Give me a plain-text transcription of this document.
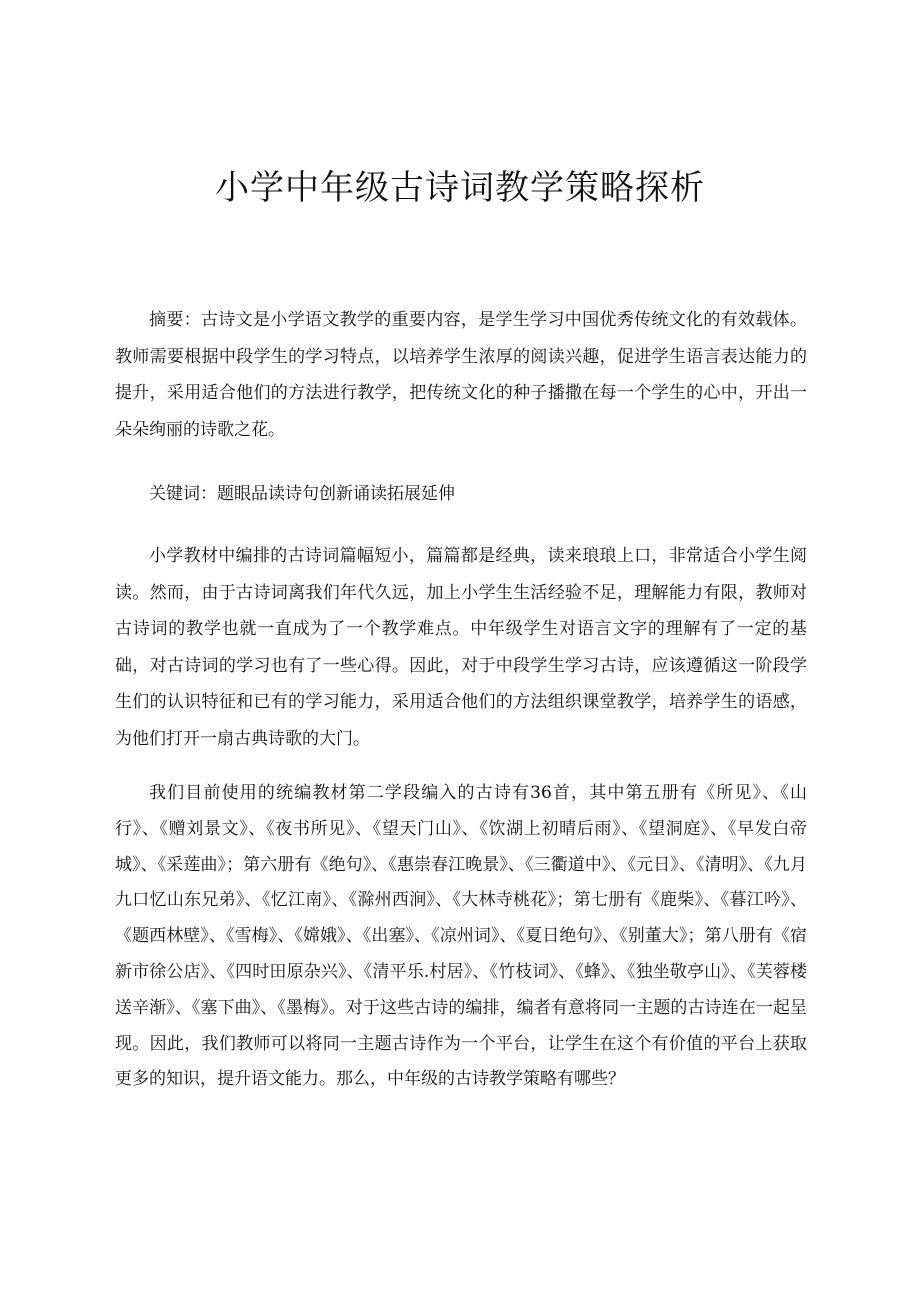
小学中年级古诗词教学策略探析

摘要：古诗文是小学语文教学的重要内容，是学生学习中国优秀传统文化的有效载体。教师需要根据中段学生的学习特点，以培养学生浓厚的阅读兴趣，促进学生语言表达能力的提升，采用适合他们的方法进行教学，把传统文化的种子播撒在每一个学生的心中，开出一朵朵绚丽的诗歌之花。

关键词：题眼品读诗句创新诵读拓展延伸

小学教材中编排的古诗词篇幅短小，篇篇都是经典，读来琅琅上口，非常适合小学生阅读。然而，由于古诗词离我们年代久远，加上小学生生活经验不足，理解能力有限，教师对古诗词的教学也就一直成为了一个教学难点。中年级学生对语言文字的理解有了一定的基础，对古诗词的学习也有了一些心得。因此，对于中段学生学习古诗，应该遵循这一阶段学生们的认识特征和已有的学习能力，采用适合他们的方法组织课堂教学，培养学生的语感，为他们打开一扇古典诗歌的大门。

我们目前使用的统编教材第二学段编入的古诗有36首，其中第五册有《所见》、《山行》、《赠刘景文》、《夜书所见》、《望天门山》、《饮湖上初晴后雨》、《望洞庭》、《早发白帝城》、《采莲曲》；第六册有《绝句》、《惠崇春江晚景》、《三衢道中》、《元日》、《清明》、《九月九口忆山东兄弟》、《忆江南》、《滁州西涧》、《大林寺桃花》；第七册有《鹿柴》、《暮江吟》、《题西林壁》、《雪梅》、《嫦娥》、《出塞》、《凉州词》、《夏日绝句》、《别董大》；第八册有《宿新市徐公店》、《四时田原杂兴》、《清平乐.村居》、《竹枝词》、《蜂》、《独坐敬亭山》、《芙蓉楼送辛渐》、《塞下曲》、《墨梅》。对于这些古诗的编排，编者有意将同一主题的古诗连在一起呈现。因此，我们教师可以将同一主题古诗作为一个平台，让学生在这个有价值的平台上获取更多的知识，提升语文能力。那么，中年级的古诗教学策略有哪些？
